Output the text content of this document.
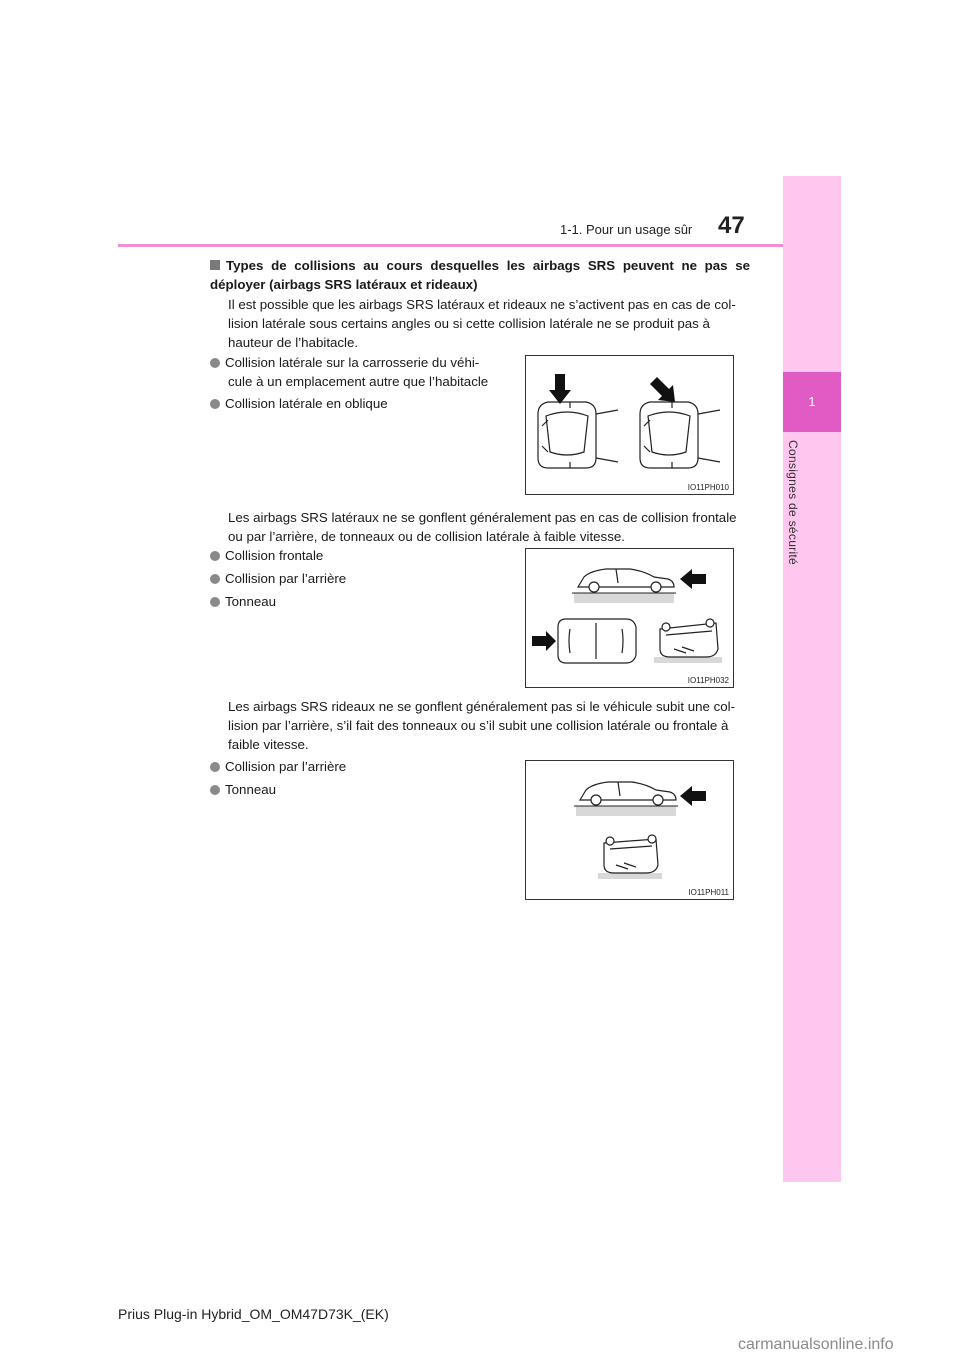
1
Consignes de sécurité
47
1-1. Pour un usage sûr
Types de collisions au cours desquelles les airbags SRS peuvent ne pas se déployer (airbags SRS latéraux et rideaux)
Il est possible que les airbags SRS latéraux et rideaux ne s’activent pas en cas de col-
lision latérale sous certains angles ou si cette collision latérale ne se produit pas à
hauteur de l’habitacle.
Collision latérale sur la carrosserie du véhi-
cule à un emplacement autre que l’habitacle
Collision latérale en oblique
IO11PH010
Les airbags SRS latéraux ne se gonflent généralement pas en cas de collision frontale
ou par l’arrière, de tonneaux ou de collision latérale à faible vitesse.
Collision frontale
Collision par l’arrière
Tonneau
IO11PH032
Les airbags SRS rideaux ne se gonflent généralement pas si le véhicule subit une col-
lision par l’arrière, s’il fait des tonneaux ou s’il subit une collision latérale ou frontale à
faible vitesse.
Collision par l’arrière
Tonneau
IO11PH011
Prius Plug-in Hybrid_OM_OM47D73K_(EK)
carmanualsonline.info
